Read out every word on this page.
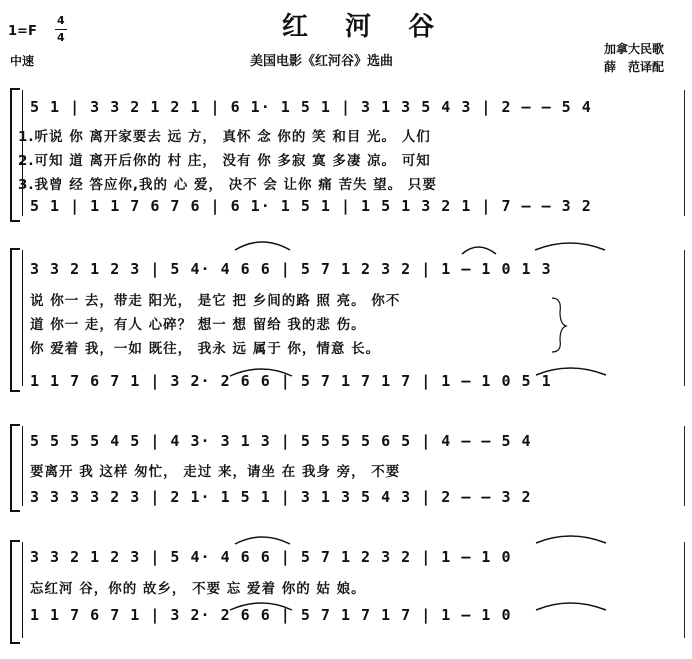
1=F
4
4
中速
红 河 谷
美国电影《红河谷》选曲
加拿大民歌
薛　范译配
5 1 | 3 3 2 1 2 1 | 6 1· 1 5 1 | 3 1 3 5 4 3 | 2 – – 5 4
1.听说 你 离开家要去 远 方， 真怀 念 你的 笑 和目 光。 人们
2.可知 道 离开后你的 村 庄， 没有 你 多寂 寞 多凄 凉。 可知
3.我曾 经 答应你,我的 心 爱， 决不 会 让你 痛 苦失 望。 只要
5 1 | 1 1 7 6 7 6 | 6 1· 1 5 1 | 1 5 1 3 2 1 | 7 – – 3 2
3 3 2 1 2 3 | 5 4· 4 6 6 | 5 7 1 2 3 2 | 1 – 1 0 1 3
说 你一 去，带走 阳光， 是它 把 乡间的路 照 亮。 你不
道 你一 走，有人 心碎？ 想一 想 留给 我的悲 伤。
你 爱着 我，一如 既往， 我永 远 属于 你，情意 长。
1 1 7 6 7 1 | 3 2· 2 6 6 | 5 7 1 7 1 7 | 1 – 1 0 5 1
5 5 5 5 4 5 | 4 3· 3 1 3 | 5 5 5 5 6 5 | 4 – – 5 4
要离开 我 这样 匆忙， 走过 来，请坐 在 我身 旁， 不要
3 3 3 3 2 3 | 2 1· 1 5 1 | 3 1 3 5 4 3 | 2 – – 3 2
3 3 2 1 2 3 | 5 4· 4 6 6 | 5 7 1 2 3 2 | 1 – 1 0
忘红河 谷，你的 故乡， 不要 忘 爱着 你的 姑 娘。
1 1 7 6 7 1 | 3 2· 2 6 6 | 5 7 1 7 1 7 | 1 – 1 0
